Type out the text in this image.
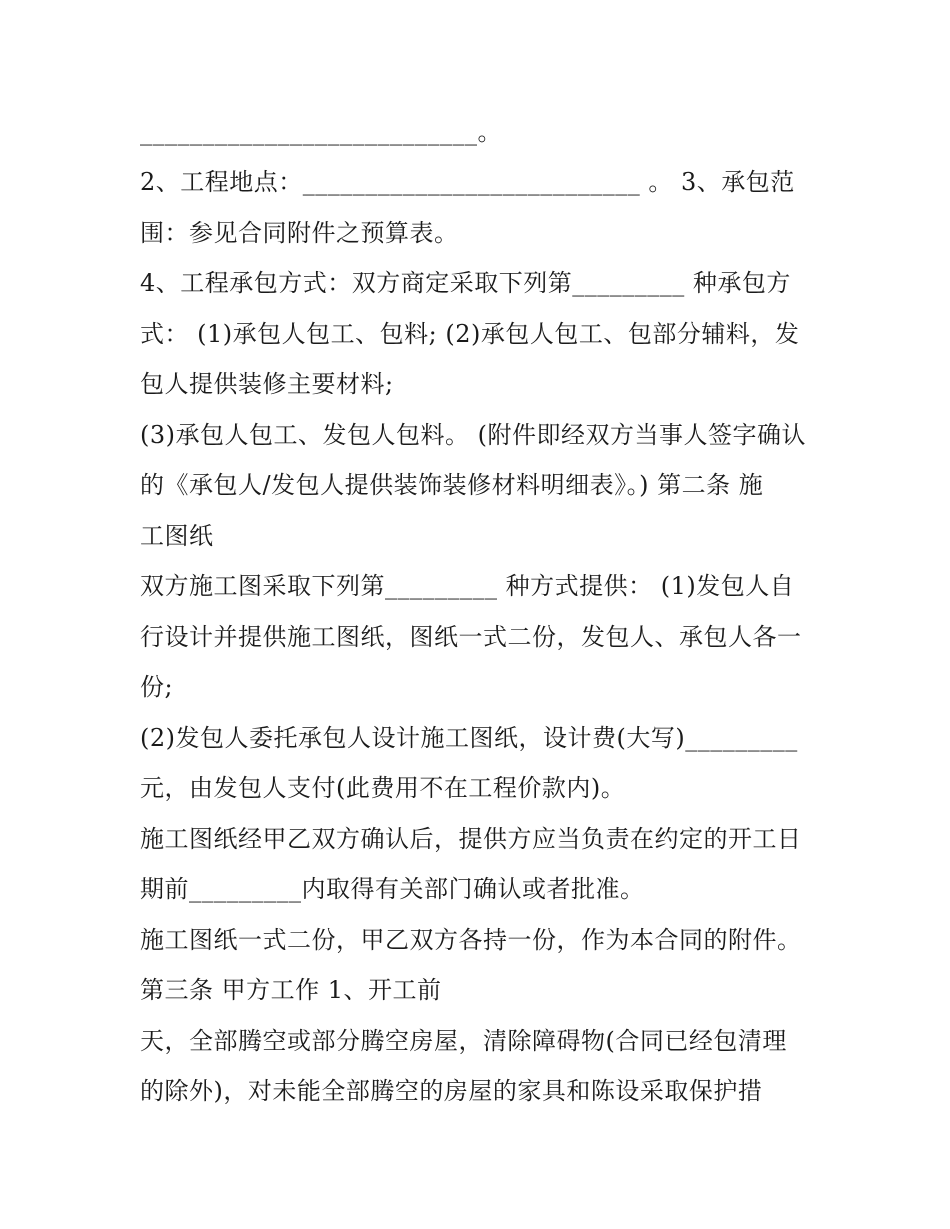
___________________________。
2、工程地点：___________________________ 。 3、承包范
围：参见合同附件之预算表。
4、工程承包方式：双方商定采取下列第_________ 种承包方
式： (1)承包人包工、包料; (2)承包人包工、包部分辅料，发
包人提供装修主要材料;
(3)承包人包工、发包人包料。 (附件即经双方当事人签字确认
的《承包人/发包人提供装饰装修材料明细表》。) 第二条 施
工图纸
双方施工图采取下列第_________ 种方式提供： (1)发包人自
行设计并提供施工图纸，图纸一式二份，发包人、承包人各一
份;
(2)发包人委托承包人设计施工图纸，设计费(大写)_________
元，由发包人支付(此费用不在工程价款内)。
施工图纸经甲乙双方确认后，提供方应当负责在约定的开工日
期前_________内取得有关部门确认或者批准。
施工图纸一式二份，甲乙双方各持一份，作为本合同的附件。
第三条 甲方工作 1、开工前
天，全部腾空或部分腾空房屋，清除障碍物(合同已经包清理
的除外)，对未能全部腾空的房屋的家具和陈设采取保护措
